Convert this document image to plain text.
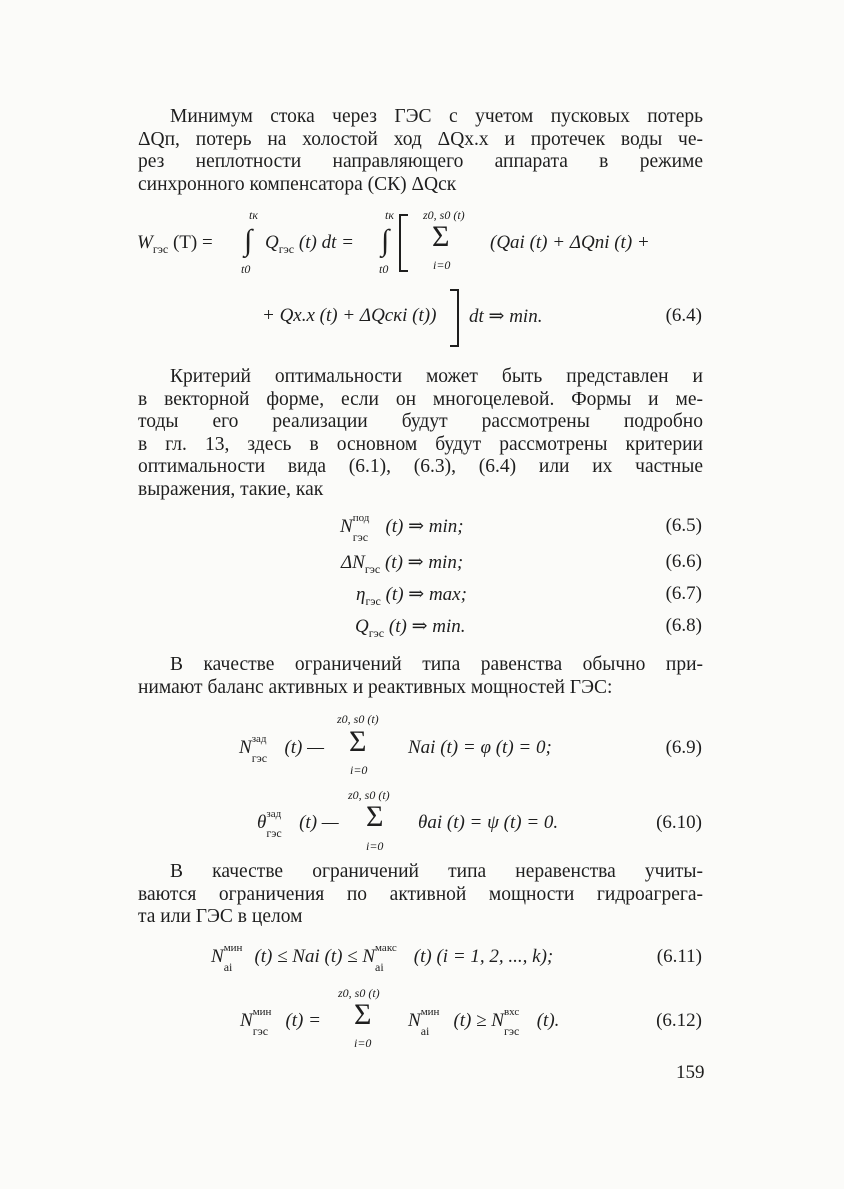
Минимум стока через ГЭС с учетом пусковых потерь
ΔQп, потерь на холостой ход ΔQх.х и протечек воды че-
рез неплотности направляющего аппарата в режиме
синхронного компенсатора (СК) ΔQск
$W_{гэс}$ (T) =
tк
∫
t0
$Q_{гэс}$ (t) dt =
tк
∫
t0
z0, s0 (t)
Σ
i=0
(Qai (t) + ΔQпi (t) +
+ Qх.х (t) + ΔQскi (t)) dt ⇒ min.	(6.4)
Критерий оптимальности может быть представлен и
в векторной форме, если он многоцелевой. Формы и ме-
тоды его реализации будут рассмотрены подробно
в гл. 13, здесь в основном будут рассмотрены критерии
оптимальности вида (6.1), (6.3), (6.4) или их частные
выражения, такие, как
N под
гэс (t) ⇒ min;	(6.5)
$\Delta N_{гэс}$ (t) ⇒ min;	(6.6)
$\eta_{гэс}$ (t) ⇒ max;	(6.7)
$Q_{гэс}$ (t) ⇒ min.	(6.8)
В качестве ограничений типа равенства обычно при-
нимают баланс активных и реактивных мощностей ГЭС:
N зад
гэс (t) —
z0, s0 (t)
Σ
i=0
Nai (t) = φ (t) = 0;	(6.9)
θ зад
гэс (t) —
z0, s0 (t)
Σ
i=0
θai (t) = ψ (t) = 0.	(6.10)
В качестве ограничений типа неравенства учиты-
ваются ограничения по активной мощности гидроагрега-
та или ГЭС в целом
N мин
ai (t) ≤ Nai (t) ≤ N макс
ai (t) (i = 1, 2, ..., k);	(6.11)
N мин
гэс (t) =
z0, s0 (t)
Σ
i=0
N мин
ai (t) ≥ N вхс
гэс (t).	(6.12)
159
